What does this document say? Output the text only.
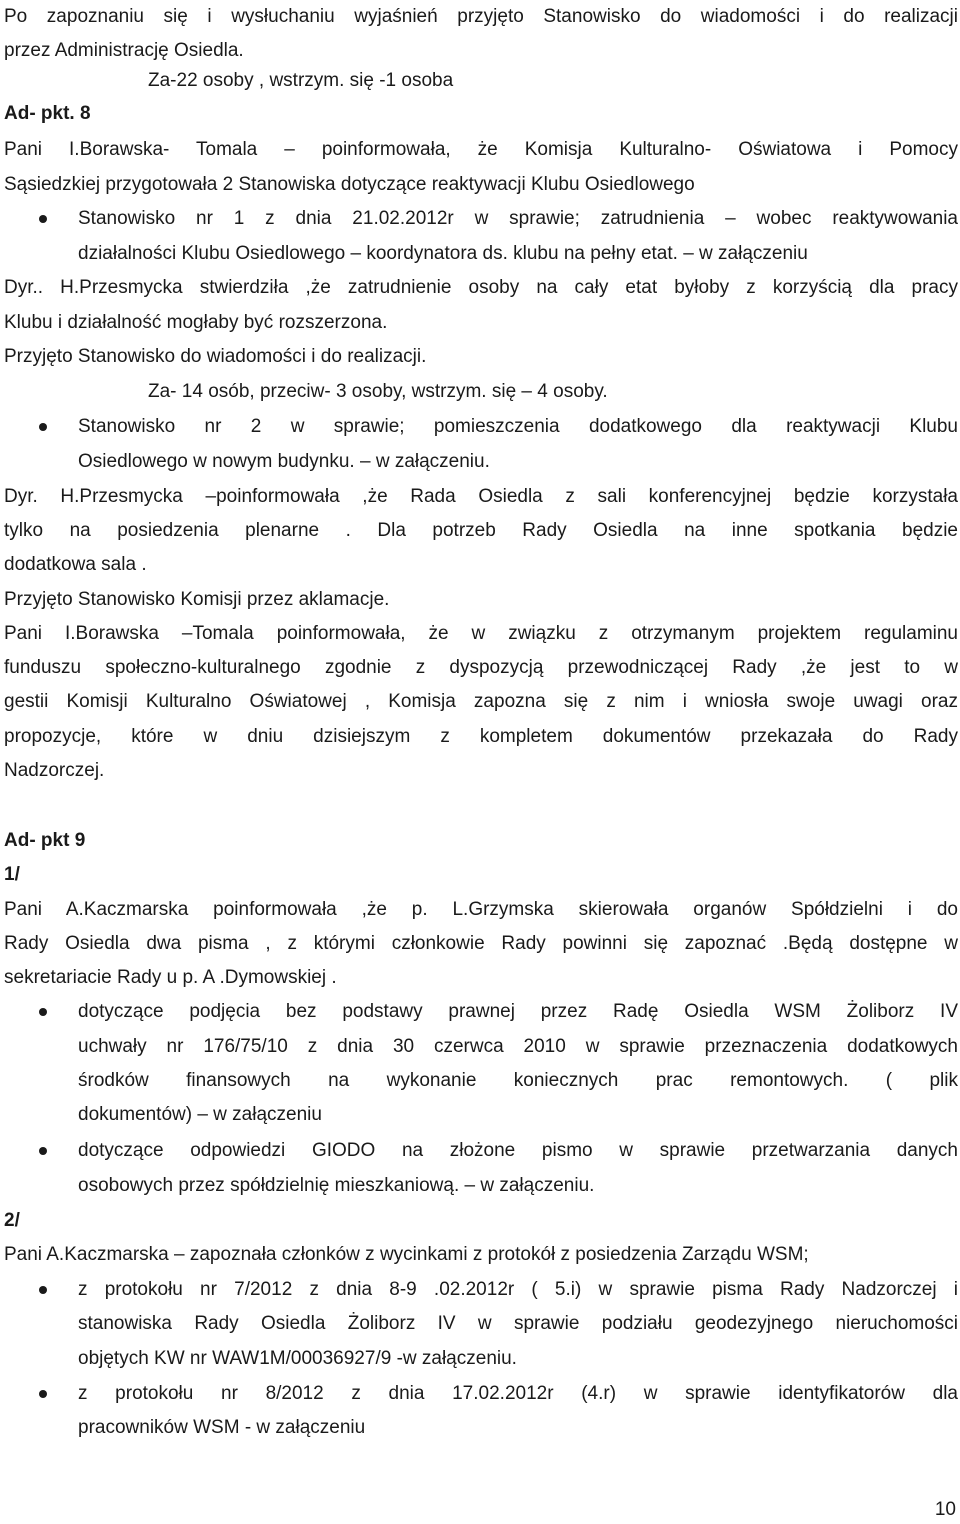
Po zapoznaniu się i wysłuchaniu wyjaśnień przyjęto Stanowisko do wiadomości i do realizacji
przez Administrację Osiedla.
Za-22 osoby , wstrzym. się -1 osoba
Ad- pkt. 8
Pani I.Borawska- Tomala – poinformowała, że Komisja Kulturalno- Oświatowa i Pomocy
Sąsiedzkiej przygotowała 2 Stanowiska dotyczące reaktywacji Klubu Osiedlowego
Stanowisko nr 1 z dnia 21.02.2012r w sprawie; zatrudnienia – wobec reaktywowania
działalności Klubu Osiedlowego – koordynatora ds. klubu na pełny etat. – w załączeniu
Dyr.. H.Przesmycka stwierdziła ,że zatrudnienie osoby na cały etat byłoby z korzyścią dla pracy
Klubu i działalność mogłaby być rozszerzona.
Przyjęto Stanowisko do wiadomości i do realizacji.
Za- 14 osób, przeciw- 3 osoby, wstrzym. się – 4 osoby.
Stanowisko nr 2 w sprawie; pomieszczenia dodatkowego dla reaktywacji Klubu
Osiedlowego w nowym budynku. – w załączeniu.
Dyr. H.Przesmycka –poinformowała ,że Rada Osiedla z sali konferencyjnej będzie korzystała
tylko na posiedzenia plenarne . Dla potrzeb Rady Osiedla na inne spotkania będzie
dodatkowa sala .
Przyjęto Stanowisko Komisji przez aklamacje.
Pani I.Borawska –Tomala poinformowała, że w związku z otrzymanym projektem regulaminu
funduszu społeczno-kulturalnego zgodnie z dyspozycją przewodniczącej Rady ,że jest to w
gestii Komisji Kulturalno Oświatowej , Komisja zapozna się z nim i wniosła swoje uwagi oraz
propozycje, które w dniu dzisiejszym z kompletem dokumentów przekazała do Rady
Nadzorczej.
Ad- pkt 9
1/
Pani A.Kaczmarska poinformowała ,że p. L.Grzymska skierowała organów Spółdzielni i do
Rady Osiedla dwa pisma , z którymi członkowie Rady powinni się zapoznać .Będą dostępne w
sekretariacie Rady u p. A .Dymowskiej .
dotyczące podjęcia bez podstawy prawnej przez Radę Osiedla WSM Żoliborz IV
uchwały nr 176/75/10 z dnia 30 czerwca 2010 w sprawie przeznaczenia dodatkowych
środków finansowych na wykonanie koniecznych prac remontowych. ( plik
dokumentów) – w załączeniu
dotyczące odpowiedzi GIODO na złożone pismo w sprawie przetwarzania danych
osobowych przez spółdzielnię mieszkaniową. – w załączeniu.
2/
Pani A.Kaczmarska – zapoznała członków z wycinkami z protokół z posiedzenia Zarządu WSM;
z protokołu nr 7/2012 z dnia 8-9 .02.2012r ( 5.i) w sprawie pisma Rady Nadzorczej i
stanowiska Rady Osiedla Żoliborz IV w sprawie podziału geodezyjnego nieruchomości
objętych KW nr WAW1M/00036927/9 -w załączeniu.
z protokołu nr 8/2012 z dnia 17.02.2012r (4.r) w sprawie identyfikatorów dla
pracowników WSM - w załączeniu
10
